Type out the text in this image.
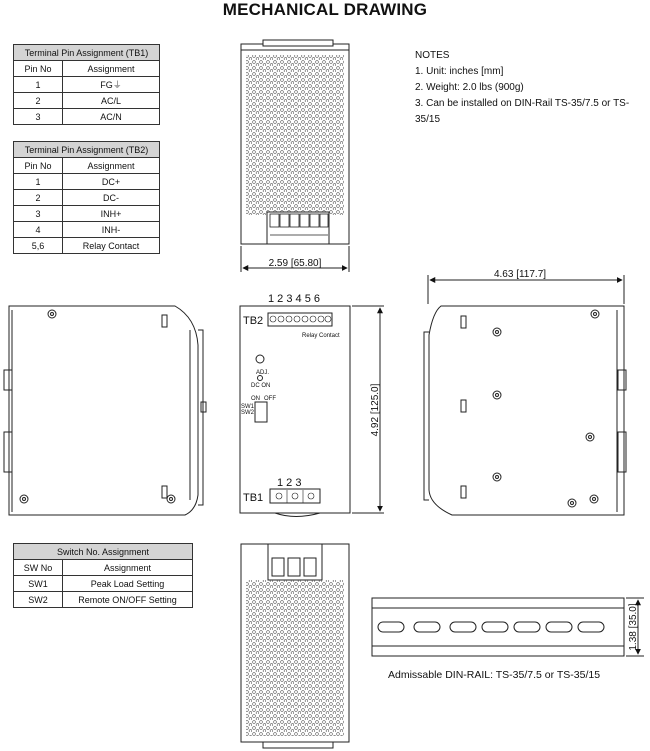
MECHANICAL DRAWING
Terminal Pin Assignment (TB1)	
Pin No	Assignment
1	FG⏚
2	AC/L
3	AC/N
Terminal Pin Assignment (TB2)	
Pin No	Assignment
1	DC+
2	DC-
3	INH+
4	INH-
5,6	Relay Contact
Switch No. Assignment	
SW No	Assignment
SW1	Peak Load Setting
SW2	Remote ON/OFF Setting
NOTES
1. Unit: inches [mm]
2. Weight: 2.0 lbs (900g)
3. Can be installed on DIN-Rail TS-35/7.5 or TS-35/15
2.59 [65.80]
1 2 3 4 5 6
TB2
Relay Contact
ADJ.
DC ON
ON OFF
SW1
SW2
1 2 3
TB1
4.92 [125.0]
4.63 [117.7]
1.38 [35.0]
Admissable DIN-RAIL: TS-35/7.5 or TS-35/15
